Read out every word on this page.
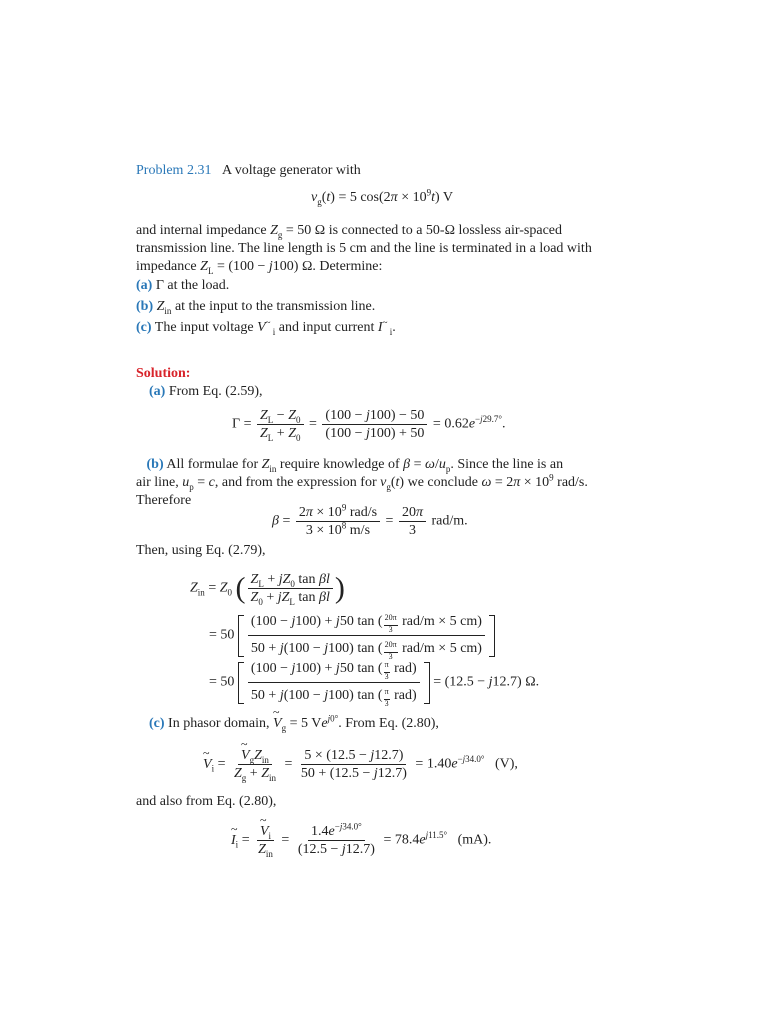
Problem 2.31 A voltage generator with
$v_g(t) = 5$ $\cos(2\pi \times 10^9t)$ V
and internal impedance $Z_g = 50$ Ω is connected to a 50-Ω lossless air-spaced
transmission line. The line length is 5 cm and the line is terminated in a load with
impedance $Z_L = (100 - j100)$ Ω. Determine:
(a) Γ at the load.
(b) $Z_{in}$ at the input to the transmission line.
(c) The input voltage V~ $_i$ and input current I~ $_i$.
Solution:
(a) From Eq. (2.59),
$\Gamma = \frac{Z_L - Z_0}{Z_L + Z_0} = \frac{(100 - j100) - 50}{(100 - j100) + 50} = 0.62e^{-j29.7^\circ}$.
(b) All formulae for $Z_{in}$ require knowledge of $\beta = \omega/u_p$. Since the line is an
air line, $u_p = c$, and from the expression for $v_g(t)$ we conclude $\omega = 2\pi \times 10^9$ rad/s.
Therefore
$\beta = \frac{2\pi \times 10^9 rad/s}{3 \times 10^8 m/s} = \frac{20\pi}{3} rad/m$.
Then, using Eq. (2.79),
$Z_{in} = Z_0$ ( $\frac{Z_L + jZ_0 \tan \beta l}{Z_0 + jZ_L \tan \beta l}$ )
= $50 \frac{(100 - j100) + j50 \tan ( \frac{20\pi}{3} rad/m \times 5 cm)}{50 + j(100 - j100) \tan ( \frac{20\pi}{3} rad/m \times 5 cm)}$
= $50 \frac{(100 - j100) + j50 \tan ( \frac{\pi}{3} rad)}{50 + j(100 - j100) \tan ( \frac{\pi}{3} rad)} = (12.5 - j12.7)$ Ω.
(c) In phasor domain, ~ $V_g = 5$ $Ve^{j0^\circ}$. From Eq. (2.80),
~ $V_i$ = ~ $\frac{V_gZ_{in}}{Z_g + Z_{in}} = \frac{5 \times (12.5 - j12.7)}{50 + (12.5 - j12.7)} = 1.40e^{-j34.0^\circ}$   (V),
and also from Eq. (2.80),
~ $I_i$ = ~ $\frac{V_i}{Z_{in}} = \frac{1.4e^{-j34.0^\circ}}{(12.5 - j12.7)} = 78.4e^{j11.5^\circ}$   (mA).
